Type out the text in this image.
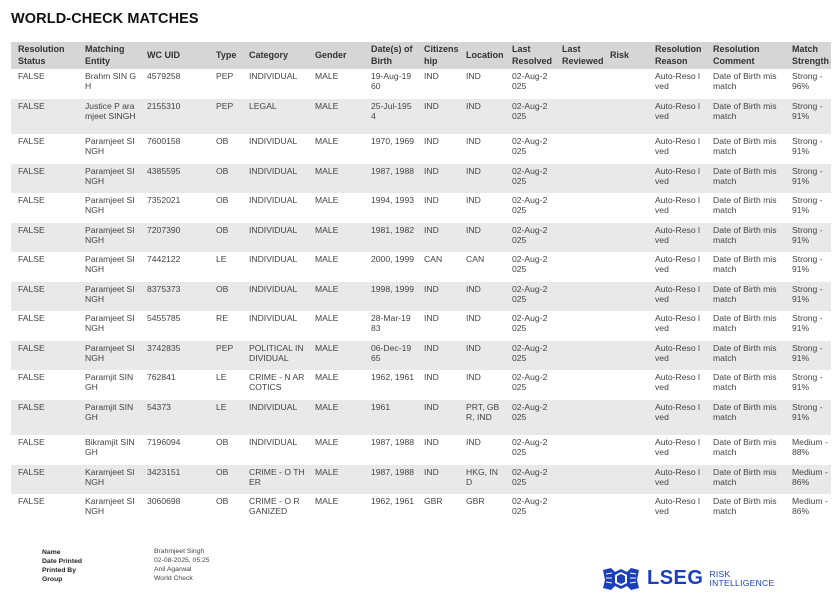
WORLD-CHECK MATCHES
Resolution Status	Matching Entity	WC UID	Type	Category	Gender	Date(s) of Birth	Citizens hip	Location	Last Resolved	Last Reviewed	Risk	Resolution Reason	Resolution Comment	Match Strength
FALSE	Brahm SIN GH	4579258	PEP	INDIVIDUAL	MALE	19-Aug-1960	IND	IND	02-Aug-2025			Auto-Reso lved	Date of Birth mismatch	Strong - 96%
FALSE	Justice P aramjeet SINGH	2155310	PEP	LEGAL	MALE	25-Jul-1954	IND	IND	02-Aug-2025			Auto-Reso lved	Date of Birth mismatch	Strong - 91%
FALSE	Paramjeet SINGH	7600158	OB	INDIVIDUAL	MALE	1970, 1969	IND	IND	02-Aug-2025			Auto-Reso lved	Date of Birth mismatch	Strong - 91%
FALSE	Paramjeet SINGH	4385595	OB	INDIVIDUAL	MALE	1987, 1988	IND	IND	02-Aug-2025			Auto-Reso lved	Date of Birth mismatch	Strong - 91%
FALSE	Paramjeet SINGH	7352021	OB	INDIVIDUAL	MALE	1994, 1993	IND	IND	02-Aug-2025			Auto-Reso lved	Date of Birth mismatch	Strong - 91%
FALSE	Paramjeet SINGH	7207390	OB	INDIVIDUAL	MALE	1981, 1982	IND	IND	02-Aug-2025			Auto-Reso lved	Date of Birth mismatch	Strong - 91%
FALSE	Paramjeet SINGH	7442122	LE	INDIVIDUAL	MALE	2000, 1999	CAN	CAN	02-Aug-2025			Auto-Reso lved	Date of Birth mismatch	Strong - 91%
FALSE	Paramjeet SINGH	8375373	OB	INDIVIDUAL	MALE	1998, 1999	IND	IND	02-Aug-2025			Auto-Reso lved	Date of Birth mismatch	Strong - 91%
FALSE	Paramjeet SINGH	5455785	RE	INDIVIDUAL	MALE	28-Mar-1983	IND	IND	02-Aug-2025			Auto-Reso lved	Date of Birth mismatch	Strong - 91%
FALSE	Paramjeet SINGH	3742835	PEP	POLITICAL INDIVIDUAL	MALE	06-Dec-1965	IND	IND	02-Aug-2025			Auto-Reso lved	Date of Birth mismatch	Strong - 91%
FALSE	Paramjit SINGH	762841	LE	CRIME - N ARCOTICS	MALE	1962, 1961	IND	IND	02-Aug-2025			Auto-Reso lved	Date of Birth mismatch	Strong - 91%
FALSE	Paramjit SINGH	54373	LE	INDIVIDUAL	MALE	1961	IND	PRT, GBR, IND	02-Aug-2025			Auto-Reso lved	Date of Birth mismatch	Strong - 91%
FALSE	Bikramjit SINGH	7196094	OB	INDIVIDUAL	MALE	1987, 1988	IND	IND	02-Aug-2025			Auto-Reso lved	Date of Birth mismatch	Medium - 88%
FALSE	Karamjeet SINGH	3423151	OB	CRIME - O THER	MALE	1987, 1988	IND	HKG, IND	02-Aug-2025			Auto-Reso lved	Date of Birth mismatch	Medium - 86%
FALSE	Karamjeet SINGH	3060698	OB	CRIME - O RGANIZED	MALE	1962, 1961	GBR	GBR	02-Aug-2025			Auto-Reso lved	Date of Birth mismatch	Medium - 86%
Name	Brahmjeet Singh
Date Printed	02-08-2025, 05:25
Printed By	Anil Agarwal
Group	World Check	LSEG RISK
INTELLIGENCE
